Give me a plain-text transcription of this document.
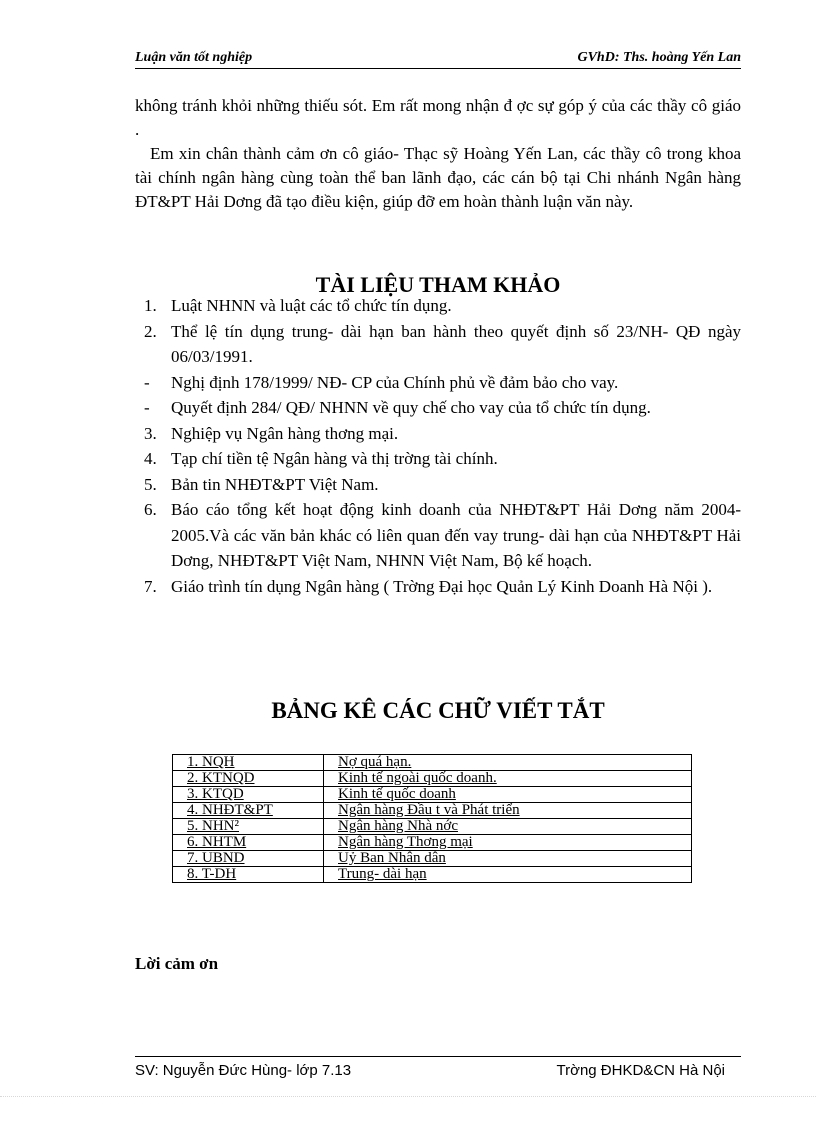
Luận văn tốt nghiệp	GVhD: Ths. hoàng Yến Lan
không tránh khỏi những thiếu sót. Em rất mong nhận đ ợc sự góp ý của các thầy cô giáo .
Em xin chân thành cảm ơn cô giáo- Thạc sỹ Hoàng Yến Lan, các thầy cô trong khoa tài chính ngân hàng cùng toàn thể ban lãnh đạo, các cán bộ tại Chi nhánh Ngân hàng ĐT&PT Hải Dơng đã tạo điều kiện, giúp đỡ em hoàn thành luận văn này.
TÀI LIỆU THAM KHẢO
1. Luật NHNN và luật các tổ chức tín dụng.
2. Thể lệ tín dụng trung- dài hạn ban hành theo quyết định số 23/NH- QĐ ngày 06/03/1991.
- Nghị định 178/1999/ NĐ- CP của Chính phủ về đảm bảo cho vay.
- Quyết định 284/ QĐ/ NHNN về quy chế cho vay của tổ chức tín dụng.
3. Nghiệp vụ Ngân hàng thơng mại.
4. Tạp chí tiền tệ Ngân hàng và thị trờng tài chính.
5. Bản tin NHĐT&PT Việt Nam.
6. Báo cáo tổng kết hoạt động kinh doanh của NHĐT&PT Hải Dơng năm 2004- 2005.Và các văn bản khác có liên quan đến vay trung- dài hạn của NHĐT&PT Hải Dơng, NHĐT&PT Việt Nam, NHNN Việt Nam, Bộ kế hoạch.
7. Giáo trình tín dụng Ngân hàng ( Trờng Đại học Quản Lý Kinh Doanh Hà Nội ).
BẢNG KÊ CÁC CHỮ VIẾT TẮT
1. NQH	Nợ quá hạn.
2. KTNQD	Kinh tế ngoài quốc doanh.
3. KTQD	Kinh tế quốc doanh
4. NHĐT&PT	Ngân hàng Đầu t và Phát triển
5. NHN²	Ngân hàng Nhà nớc
6. NHTM	Ngân hàng Thơng mại
7. UBND	Uỷ Ban Nhân dân
8. T-DH	Trung- dài hạn
Lời cảm ơn
SV: Nguyễn Đức Hùng- lớp 7.13	Trờng ĐHKD&CN Hà Nội
